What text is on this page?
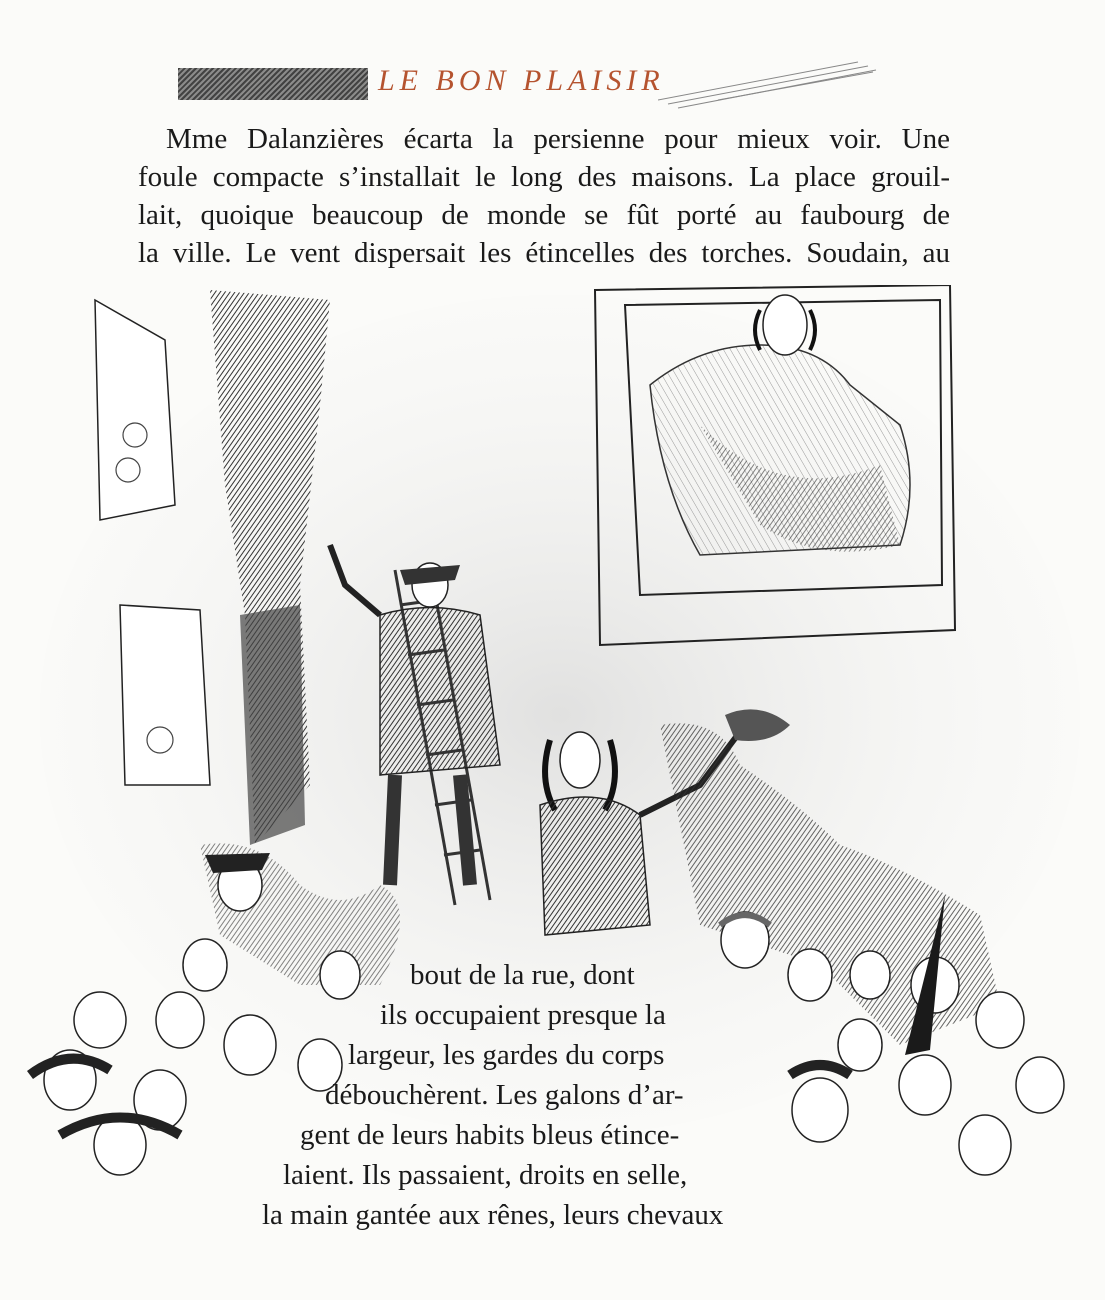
LE BON PLAISIR
Mme Dalanzières écarta la persienne pour mieux voir. Une
foule compacte s’installait le long des maisons. La place grouil-
lait, quoique beaucoup de monde se fût porté au faubourg de
la ville. Le vent dispersait les étincelles des torches. Soudain, au
bout de la rue, dont
ils occupaient presque la
largeur, les gardes du corps
débouchèrent. Les galons d’ar-
gent de leurs habits bleus étince-
laient. Ils passaient, droits en selle,
la main gantée aux rênes, leurs chevaux
